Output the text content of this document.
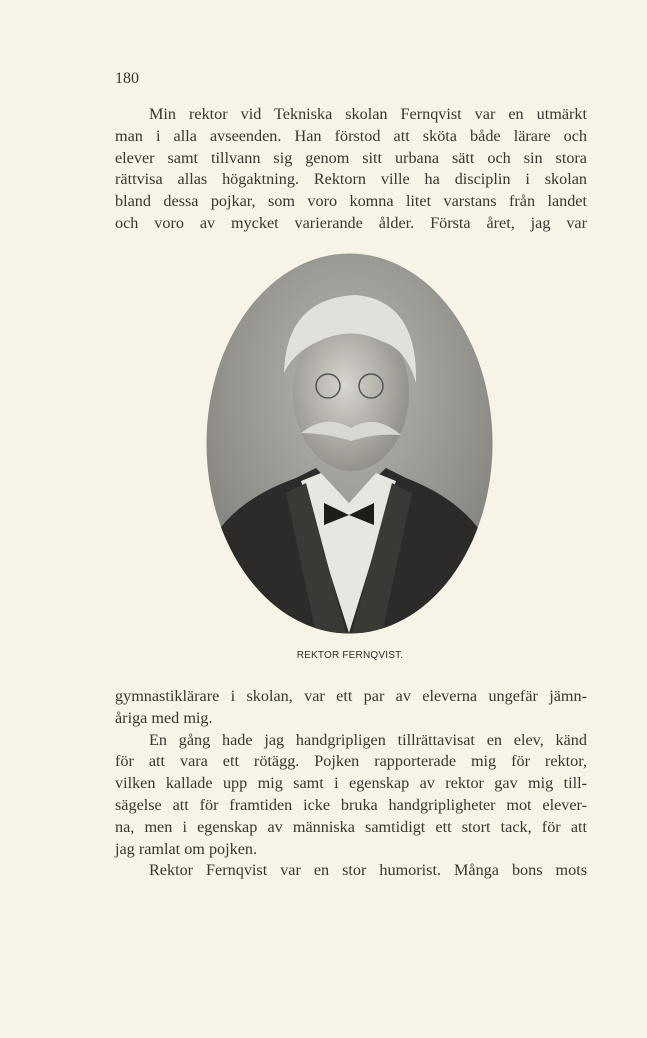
180
Min rektor vid Tekniska skolan Fernqvist var en utmärkt
man i alla avseenden. Han förstod att sköta både lärare och
elever samt tillvann sig genom sitt urbana sätt och sin stora
rättvisa allas högaktning. Rektorn ville ha disciplin i skolan
bland dessa pojkar, som voro komna litet varstans från landet
och voro av mycket varierande ålder. Första året, jag var
REKTOR FERNQVIST.
gymnastiklärare i skolan, var ett par av eleverna ungefär jämn-
åriga med mig.
En gång hade jag handgripligen tillrättavisat en elev, känd
för att vara ett rötägg. Pojken rapporterade mig för rektor,
vilken kallade upp mig samt i egenskap av rektor gav mig till-
sägelse att för framtiden icke bruka handgripligheter mot elever-
na, men i egenskap av människa samtidigt ett stort tack, för att
jag ramlat om pojken.
Rektor Fernqvist var en stor humorist. Många bons mots
